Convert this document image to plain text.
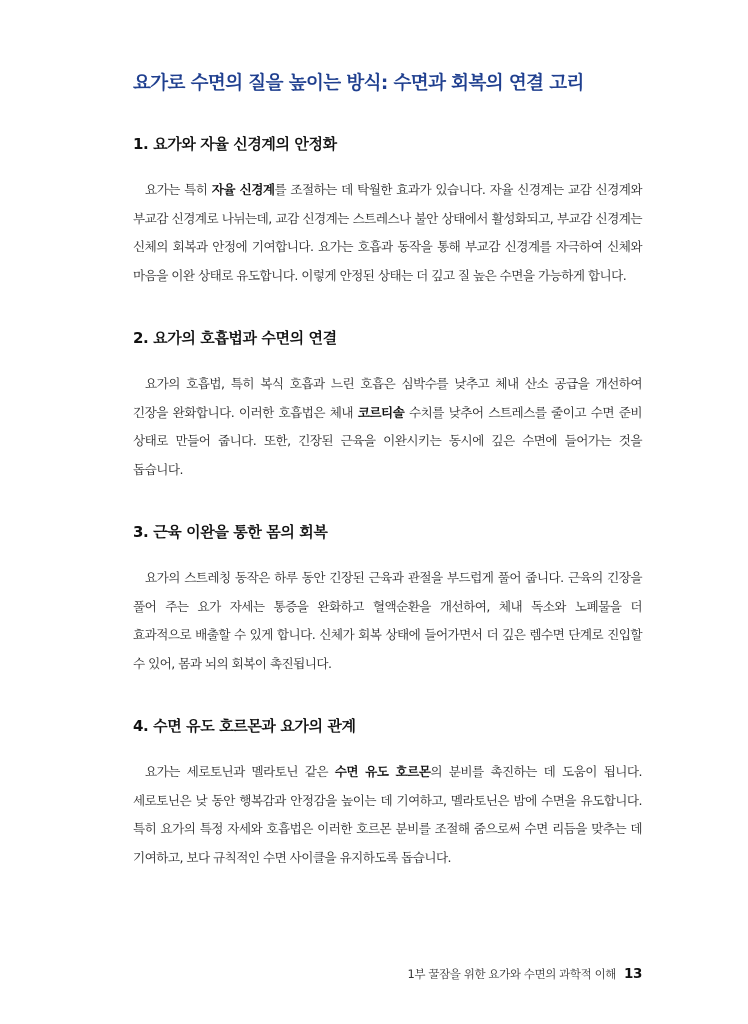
요가로 수면의 질을 높이는 방식: 수면과 회복의 연결 고리
1. 요가와 자율 신경계의 안정화

요가는 특히 자율 신경계를 조절하는 데 탁월한 효과가 있습니다. 자율 신경계는 교감 신경계와 부교감 신경계로 나뉘는데, 교감 신경계는 스트레스나 불안 상태에서 활성화되고, 부교감 신경계는 신체의 회복과 안정에 기여합니다. 요가는 호흡과 동작을 통해 부교감 신경계를 자극하여 신체와 마음을 이완 상태로 유도합니다. 이렇게 안정된 상태는 더 깊고 질 높은 수면을 가능하게 합니다.

2. 요가의 호흡법과 수면의 연결

요가의 호흡법, 특히 복식 호흡과 느린 호흡은 심박수를 낮추고 체내 산소 공급을 개선하여 긴장을 완화합니다. 이러한 호흡법은 체내 코르티솔 수치를 낮추어 스트레스를 줄이고 수면 준비 상태로 만들어 줍니다. 또한, 긴장된 근육을 이완시키는 동시에 깊은 수면에 들어가는 것을 돕습니다.

3. 근육 이완을 통한 몸의 회복

요가의 스트레칭 동작은 하루 동안 긴장된 근육과 관절을 부드럽게 풀어 줍니다. 근육의 긴장을 풀어 주는 요가 자세는 통증을 완화하고 혈액순환을 개선하여, 체내 독소와 노폐물을 더 효과적으로 배출할 수 있게 합니다. 신체가 회복 상태에 들어가면서 더 깊은 렘수면 단계로 진입할 수 있어, 몸과 뇌의 회복이 촉진됩니다.

4. 수면 유도 호르몬과 요가의 관계

요가는 세로토닌과 멜라토닌 같은 수면 유도 호르몬의 분비를 촉진하는 데 도움이 됩니다. 세로토닌은 낮 동안 행복감과 안정감을 높이는 데 기여하고, 멜라토닌은 밤에 수면을 유도합니다. 특히 요가의 특정 자세와 호흡법은 이러한 호르몬 분비를 조절해 줌으로써 수면 리듬을 맞추는 데 기여하고, 보다 규칙적인 수면 사이클을 유지하도록 돕습니다.

1부 꿀잠을 위한 요가와 수면의 과학적 이해 13
